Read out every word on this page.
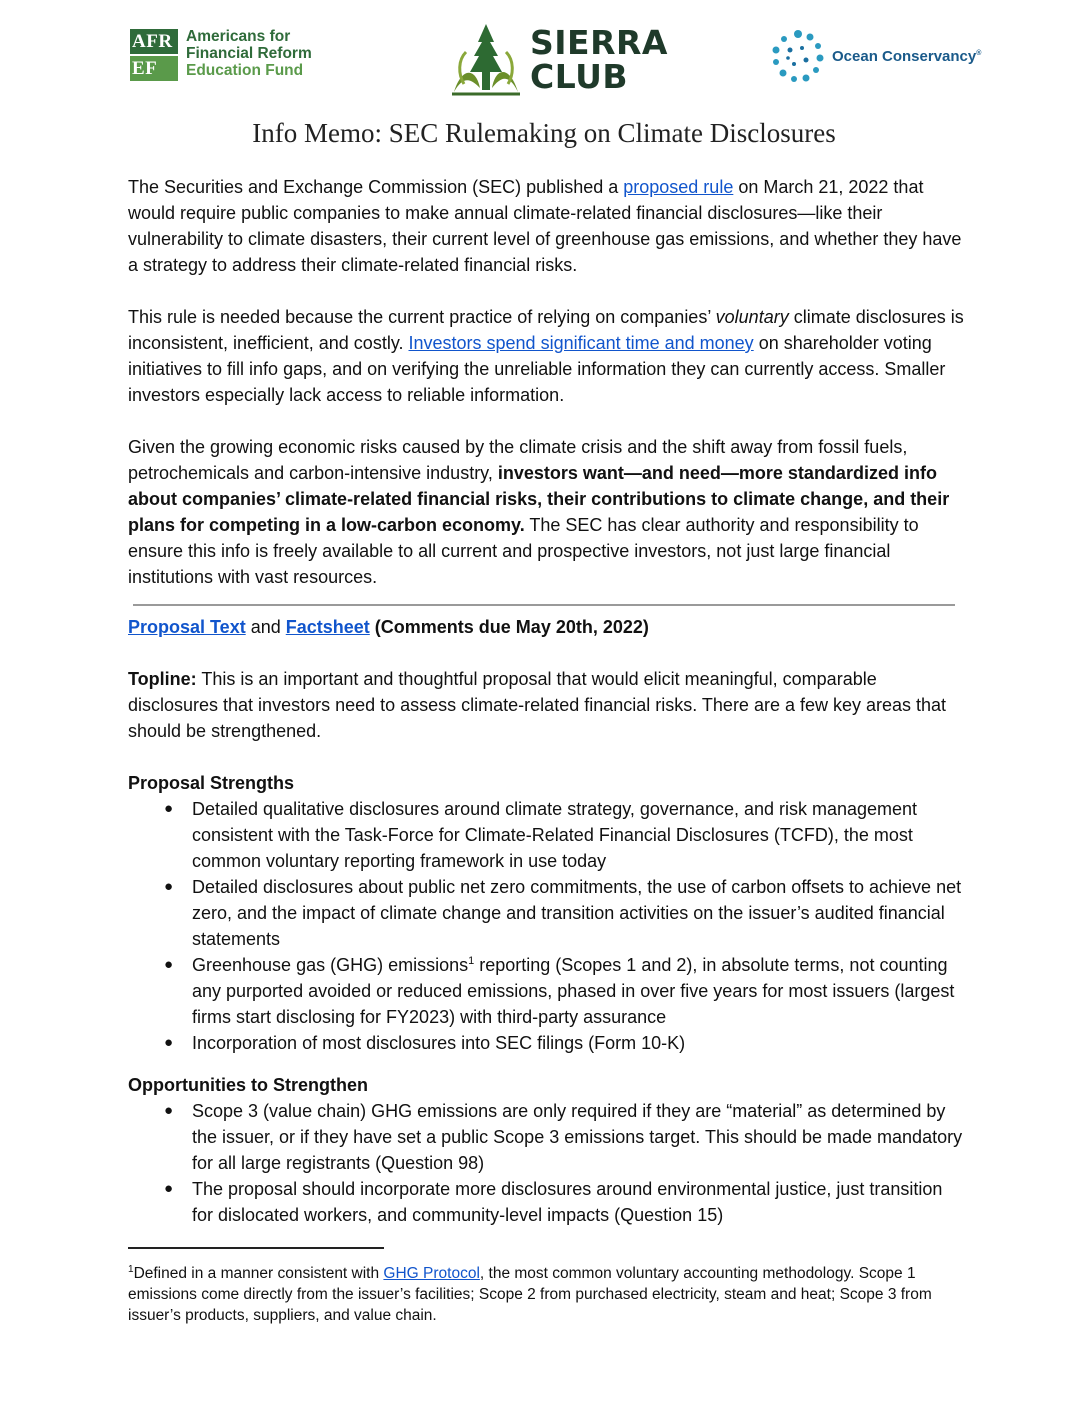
AFR
EF
Americans for
Financial Reform
Education Fund
SIERRA
CLUB
Ocean Conservancy®
Info Memo: SEC Rulemaking on Climate Disclosures

The Securities and Exchange Commission (SEC) published a proposed rule on March 21, 2022 that would require public companies to make annual climate-related financial disclosures—like their vulnerability to climate disasters, their current level of greenhouse gas emissions, and whether they have a strategy to address their climate-related financial risks.

This rule is needed because the current practice of relying on companies’ voluntary climate disclosures is inconsistent, inefficient, and costly. Investors spend significant time and money on shareholder voting initiatives to fill info gaps, and on verifying the unreliable information they can currently access. Smaller investors especially lack access to reliable information.

Given the growing economic risks caused by the climate crisis and the shift away from fossil fuels, petrochemicals and carbon-intensive industry, investors want—and need—more standardized info about companies’ climate-related financial risks, their contributions to climate change, and their plans for competing in a low-carbon economy. The SEC has clear authority and responsibility to ensure this info is freely available to all current and prospective investors, not just large financial institutions with vast resources.

Proposal Text and Factsheet (Comments due May 20th, 2022)

Topline: This is an important and thoughtful proposal that would elicit meaningful, comparable disclosures that investors need to assess climate-related financial risks. There are a few key areas that should be strengthened.

Proposal Strengths

● Detailed qualitative disclosures around climate strategy, governance, and risk management consistent with the Task-Force for Climate-Related Financial Disclosures (TCFD), the most common voluntary reporting framework in use today
● Detailed disclosures about public net zero commitments, the use of carbon offsets to achieve net zero, and the impact of climate change and transition activities on the issuer’s audited financial statements
● Greenhouse gas (GHG) emissions$^1$ reporting (Scopes 1 and 2), in absolute terms, not counting any purported avoided or reduced emissions, phased in over five years for most issuers (largest firms start disclosing for FY2023) with third-party assurance
● Incorporation of most disclosures into SEC filings (Form 10-K)

Opportunities to Strengthen

● Scope 3 (value chain) GHG emissions are only required if they are “material” as determined by the issuer, or if they have set a public Scope 3 emissions target. This should be made mandatory for all large registrants (Question 98)
● The proposal should incorporate more disclosures around environmental justice, just transition for dislocated workers, and community-level impacts (Question 15)

$^1$Defined in a manner consistent with GHG Protocol, the most common voluntary accounting methodology. Scope 1 emissions come directly from the issuer’s facilities; Scope 2 from purchased electricity, steam and heat; Scope 3 from issuer’s products, suppliers, and value chain.
